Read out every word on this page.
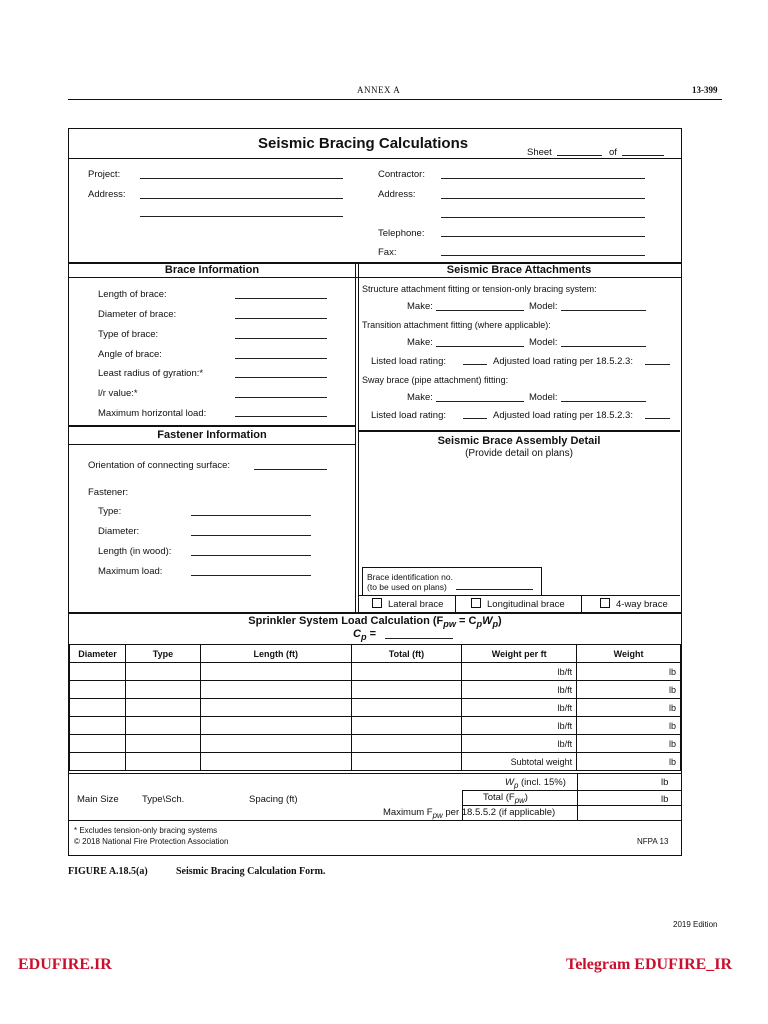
ANNEX A	13-399
Seismic Bracing Calculations
Sheet	of
Project:
Address:
Contractor:
Address:
Telephone:
Fax:
Brace Information
Length of brace:
Diameter of brace:
Type of brace:
Angle of brace:
Least radius of gyration:*
l/r value:*
Maximum horizontal load:
Seismic Brace Attachments
Structure attachment fitting or tension-only bracing system:
Make:	Model:
Transition attachment fitting (where applicable):
Make:	Model:
Listed load rating:	Adjusted load rating per 18.5.2.3:
Sway brace (pipe attachment) fitting:
Make:	Model:
Listed load rating:	Adjusted load rating per 18.5.2.3:
Fastener Information
Orientation of connecting surface:
Fastener:
Type:
Diameter:
Length (in wood):
Maximum load:
Seismic Brace Assembly Detail
(Provide detail on plans)
Brace identification no.
(to be used on plans)
Lateral brace	Longitudinal brace	4-way brace
Sprinkler System Load Calculation $(F_{pw} = C_pW_p)$
$C_p$ =
Diameter	Type	Length (ft)	Total (ft)	Weight per ft	Weight
				lb/ft	lb
				lb/ft	lb
				lb/ft	lb
				lb/ft	lb
				lb/ft	lb
				Subtotal weight	lb
$W_p$ (incl. 15%)	lb
Main Size Type\Sch.	Spacing (ft)	Total $(F_{pw})$	lb
Maximum $F_{pw}$ per 18.5.5.2 (if applicable)
* Excludes tension-only bracing systems
© 2018 National Fire Protection Association	NFPA 13
FIGURE A.18.5(a)	Seismic Bracing Calculation Form.
2019 Edition
EDUFIRE.IR	Telegram EDUFIRE_IR
